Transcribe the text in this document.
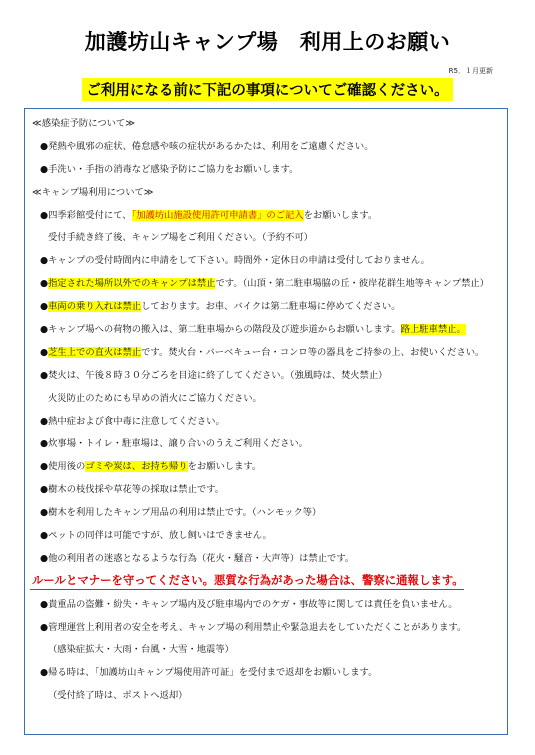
加護坊山キャンプ場　利用上のお願い
R5．１月更新
ご利用になる前に下記の事項についてご確認ください。
≪感染症予防について≫
●発熱や風邪の症状、倦怠感や咳の症状があるかたは、利用をご遠慮ください。
●手洗い・手指の消毒など感染予防にご協力をお願いします。
≪キャンプ場利用について≫
●四季彩館受付にて、「加護坊山施設使用許可申請書」のご記入をお願いします。
受付手続き終了後、キャンプ場をご利用ください。（予約不可）
●キャンプの受付時間内に申請をして下さい。時間外・定休日の申請は受付しておりません。
●指定された場所以外でのキャンプは禁止です。（山頂・第二駐車場脇の丘・彼岸花群生地等キャンプ禁止）
●車両の乗り入れは禁止しております。お車、バイクは第二駐車場に停めてください。
●キャンプ場への荷物の搬入は、第二駐車場からの階段及び遊歩道からお願いします。路上駐車禁止。
●芝生上での直火は禁止です。焚火台・バーベキュー台・コンロ等の器具をご持参の上、お使いください。
●焚火は、午後８時３０分ごろを目途に終了してください。（強風時は、焚火禁止）
火災防止のためにも早めの消火にご協力ください。
●熱中症および食中毒に注意してください。
●炊事場・トイレ・駐車場は、譲り合いのうえご利用ください。
●使用後のゴミや炭は、お持ち帰りをお願いします。
●樹木の枝伐採や草花等の採取は禁止です。
●樹木を利用したキャンプ用品の利用は禁止です。（ハンモック等）
●ペットの同伴は可能ですが、放し飼いはできません。
●他の利用者の迷惑となるような行為（花火・騒音・大声等）は禁止です。
ルールとマナーを守ってください。悪質な行為があった場合は、警察に通報します。
●貴重品の盗難・紛失・キャンプ場内及び駐車場内でのケガ・事故等に関しては責任を負いません。
●管理運営上利用者の安全を考え、キャンプ場の利用禁止や緊急退去をしていただくことがあります。
（感染症拡大・大雨・台風・大雪・地震等）
●帰る時は、「加護坊山キャンプ場使用許可証」を受付まで返却をお願いします。
（受付終了時は、ポストへ返却）
